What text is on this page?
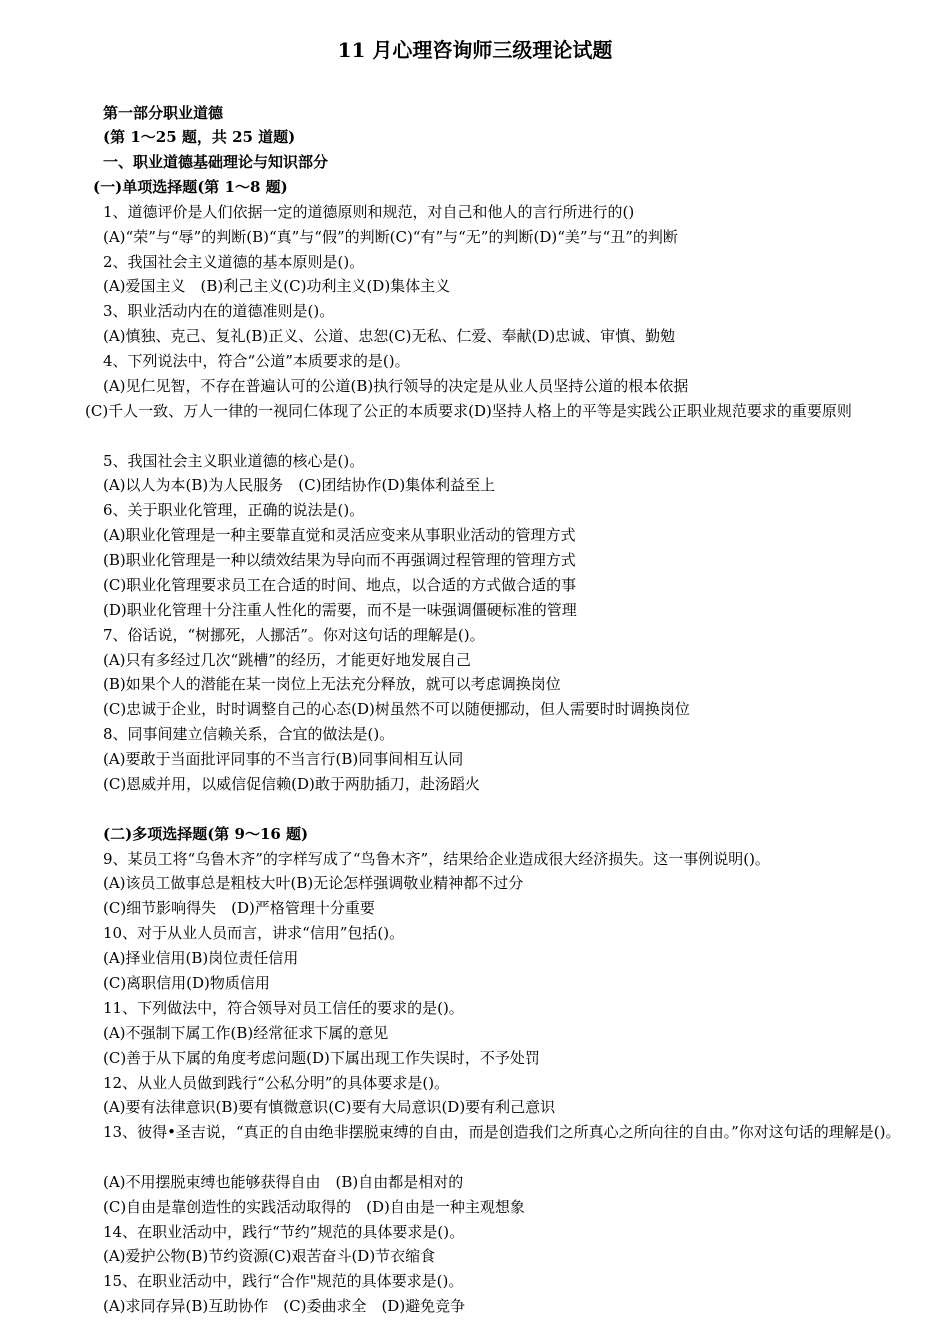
11 月心理咨询师三级理论试题
第一部分职业道德
(第 1～25 题，共 25 道题)
一、职业道德基础理论与知识部分
(一)单项选择题(第 1～8 题)
1、道德评价是人们依据一定的道德原则和规范，对自己和他人的言行所进行的()
(A)“荣”与“辱”的判断(B)“真”与“假”的判断(C)“有”与“无”的判断(D)“美”与“丑”的判断
2、我国社会主义道德的基本原则是()。
(A)爱国主义　(B)利己主义(C)功利主义(D)集体主义
3、职业活动内在的道德准则是()。
(A)慎独、克己、复礼(B)正义、公道、忠恕(C)无私、仁爱、奉献(D)忠诚、审慎、勤勉
4、下列说法中，符合“公道”本质要求的是()。
(A)见仁见智，不存在普遍认可的公道(B)执行领导的决定是从业人员坚持公道的根本依据
(C)千人一致、万人一律的一视同仁体现了公正的本质要求(D)坚持人格上的平等是实践公正职业规范要求的重要原则
5、我国社会主义职业道德的核心是()。
(A)以人为本(B)为人民服务　(C)团结协作(D)集体利益至上
6、关于职业化管理，正确的说法是()。
(A)职业化管理是一种主要靠直觉和灵活应变来从事职业活动的管理方式
(B)职业化管理是一种以绩效结果为导向而不再强调过程管理的管理方式
(C)职业化管理要求员工在合适的时间、地点，以合适的方式做合适的事
(D)职业化管理十分注重人性化的需要，而不是一味强调僵硬标准的管理
7、俗话说，“树挪死，人挪活”。你对这句话的理解是()。
(A)只有多经过几次“跳槽”的经历，才能更好地发展自己
(B)如果个人的潜能在某一岗位上无法充分释放，就可以考虑调换岗位
(C)忠诚于企业，时时调整自己的心态(D)树虽然不可以随便挪动，但人需要时时调换岗位
8、同事间建立信赖关系，合宜的做法是()。
(A)要敢于当面批评同事的不当言行(B)同事间相互认同
(C)恩威并用，以威信促信赖(D)敢于两肋插刀，赴汤蹈火
(二)多项选择题(第 9～16 题)
9、某员工将“乌鲁木齐”的字样写成了“鸟鲁木齐”，结果给企业造成很大经济损失。这一事例说明()。
(A)该员工做事总是粗枝大叶(B)无论怎样强调敬业精神都不过分
(C)细节影响得失　(D)严格管理十分重要
10、对于从业人员而言，讲求“信用”包括()。
(A)择业信用(B)岗位责任信用
(C)离职信用(D)物质信用
11、下列做法中，符合领导对员工信任的要求的是()。
(A)不强制下属工作(B)经常征求下属的意见
(C)善于从下属的角度考虑问题(D)下属出现工作失误时，不予处罚
12、从业人员做到践行“公私分明”的具体要求是()。
(A)要有法律意识(B)要有慎微意识(C)要有大局意识(D)要有利己意识
13、彼得•圣吉说，“真正的自由绝非摆脱束缚的自由，而是创造我们之所真心之所向往的自由。”你对这句话的理解是()。
(A)不用摆脱束缚也能够获得自由　(B)自由都是相对的
(C)自由是靠创造性的实践活动取得的　(D)自由是一种主观想象
14、在职业活动中，践行“节约”规范的具体要求是()。
(A)爱护公物(B)节约资源(C)艰苦奋斗(D)节衣缩食
15、在职业活动中，践行“合作"规范的具体要求是()。
(A)求同存异(B)互助协作　(C)委曲求全　(D)避免竞争
